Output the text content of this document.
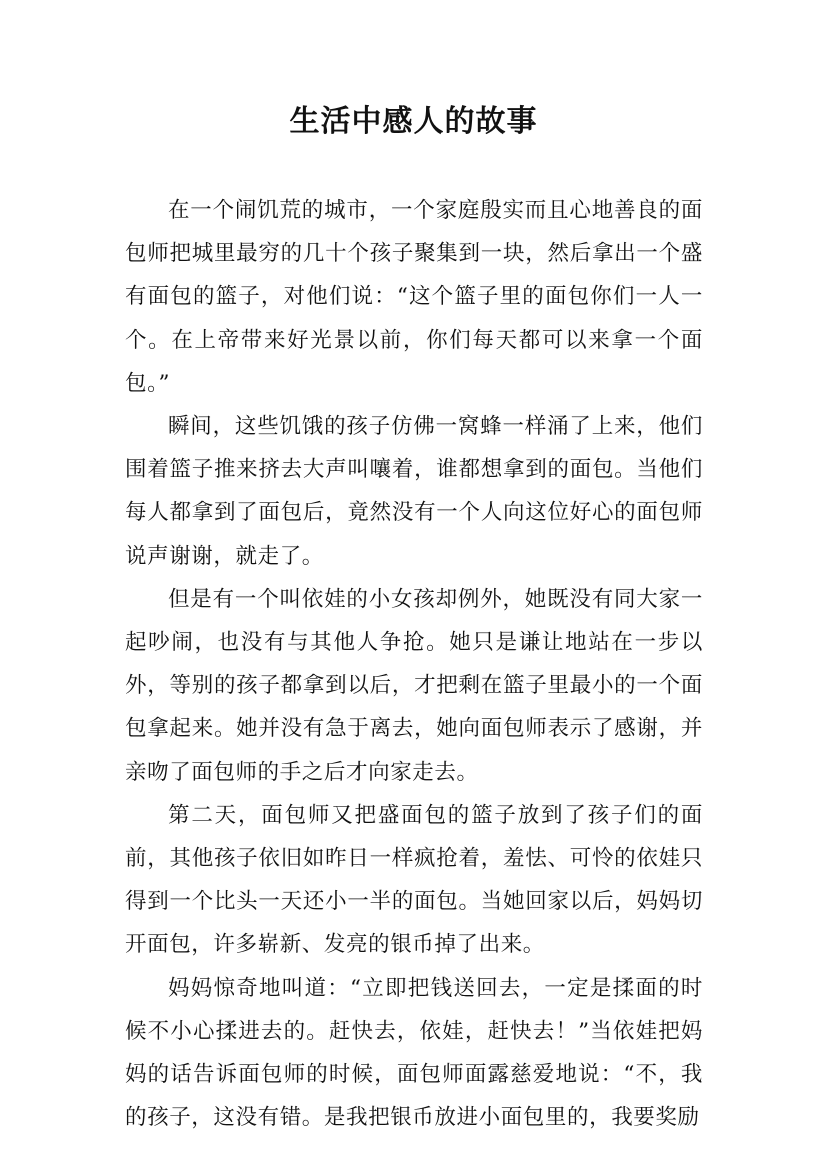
生活中感人的故事

在一个闹饥荒的城市，一个家庭殷实而且心地善良的面包师把城里最穷的几十个孩子聚集到一块，然后拿出一个盛有面包的篮子，对他们说：“这个篮子里的面包你们一人一个。在上帝带来好光景以前，你们每天都可以来拿一个面包。”

瞬间，这些饥饿的孩子仿佛一窝蜂一样涌了上来，他们围着篮子推来挤去大声叫嚷着，谁都想拿到的面包。当他们每人都拿到了面包后，竟然没有一个人向这位好心的面包师说声谢谢，就走了。

但是有一个叫依娃的小女孩却例外，她既没有同大家一起吵闹，也没有与其他人争抢。她只是谦让地站在一步以外，等别的孩子都拿到以后，才把剩在篮子里最小的一个面包拿起来。她并没有急于离去，她向面包师表示了感谢，并亲吻了面包师的手之后才向家走去。

第二天，面包师又把盛面包的篮子放到了孩子们的面前，其他孩子依旧如昨日一样疯抢着，羞怯、可怜的依娃只得到一个比头一天还小一半的面包。当她回家以后，妈妈切开面包，许多崭新、发亮的银币掉了出来。

妈妈惊奇地叫道：“立即把钱送回去，一定是揉面的时候不小心揉进去的。赶快去，依娃，赶快去！”当依娃把妈妈的话告诉面包师的时候，面包师面露慈爱地说：“不，我的孩子，这没有错。是我把银币放进小面包里的，我要奖励
